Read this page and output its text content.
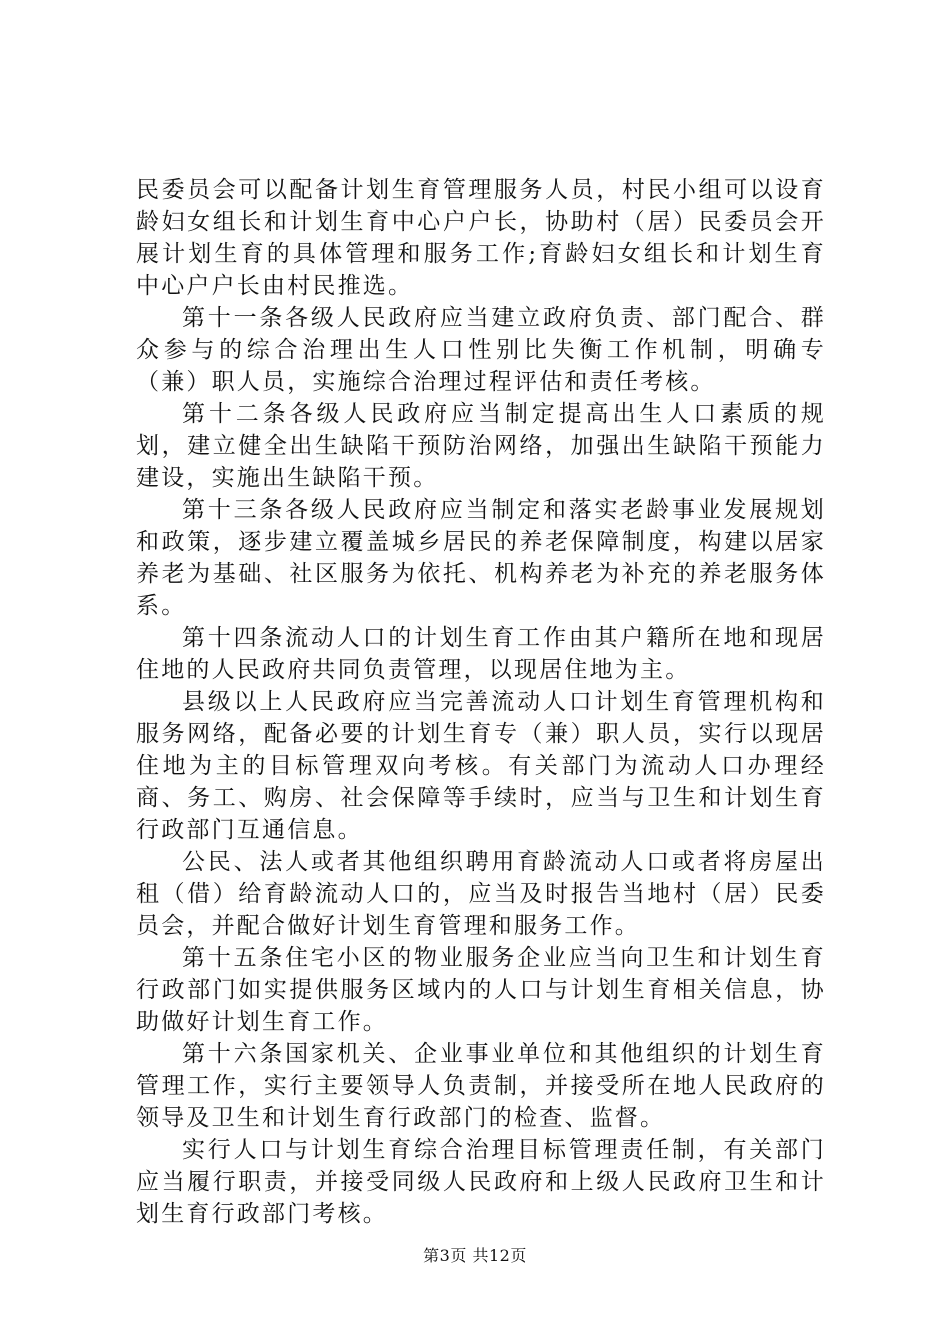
民委员会可以配备计划生育管理服务人员，村民小组可以设育龄妇女组长和计划生育中心户户长，协助村（居）民委员会开展计划生育的具体管理和服务工作;育龄妇女组长和计划生育中心户户长由村民推选。

第十一条各级人民政府应当建立政府负责、部门配合、群众参与的综合治理出生人口性别比失衡工作机制，明确专（兼）职人员，实施综合治理过程评估和责任考核。

第十二条各级人民政府应当制定提高出生人口素质的规划，建立健全出生缺陷干预防治网络，加强出生缺陷干预能力建设，实施出生缺陷干预。

第十三条各级人民政府应当制定和落实老龄事业发展规划和政策，逐步建立覆盖城乡居民的养老保障制度，构建以居家养老为基础、社区服务为依托、机构养老为补充的养老服务体系。

第十四条流动人口的计划生育工作由其户籍所在地和现居住地的人民政府共同负责管理，以现居住地为主。

县级以上人民政府应当完善流动人口计划生育管理机构和服务网络，配备必要的计划生育专（兼）职人员，实行以现居住地为主的目标管理双向考核。有关部门为流动人口办理经商、务工、购房、社会保障等手续时，应当与卫生和计划生育行政部门互通信息。

公民、法人或者其他组织聘用育龄流动人口或者将房屋出租（借）给育龄流动人口的，应当及时报告当地村（居）民委员会，并配合做好计划生育管理和服务工作。

第十五条住宅小区的物业服务企业应当向卫生和计划生育行政部门如实提供服务区域内的人口与计划生育相关信息，协助做好计划生育工作。

第十六条国家机关、企业事业单位和其他组织的计划生育管理工作，实行主要领导人负责制，并接受所在地人民政府的领导及卫生和计划生育行政部门的检查、监督。

实行人口与计划生育综合治理目标管理责任制，有关部门应当履行职责，并接受同级人民政府和上级人民政府卫生和计划生育行政部门考核。

第3页 共12页
